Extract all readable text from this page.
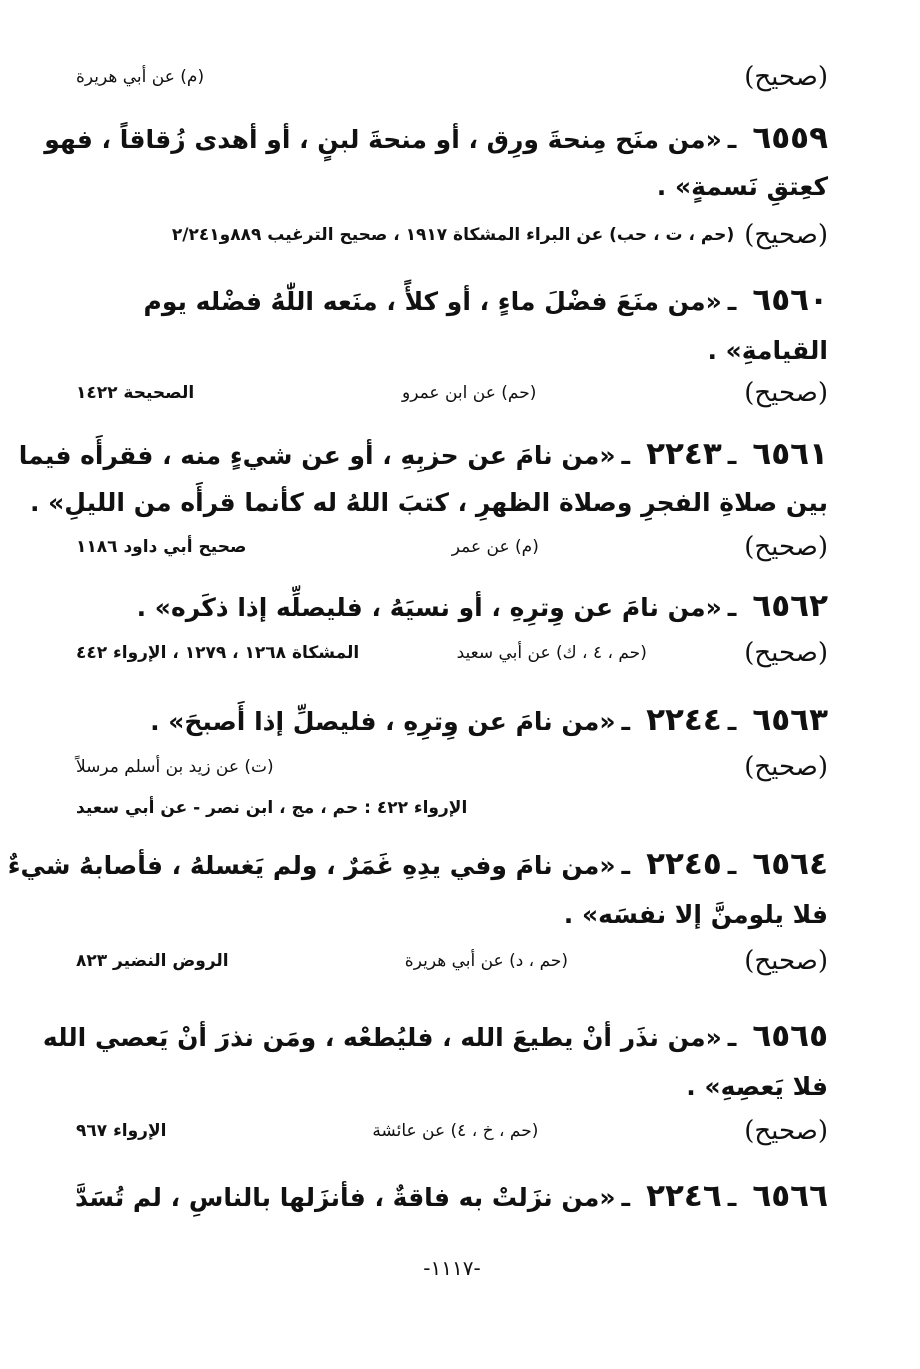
(صحيح)
(م) عن أبي هريرة
٦٥٥٩ـ«من منَح مِنحةَ ورِق ، أو منحةَ لبنٍ ، أو أهدى زُقاقاً ، فهو
كعِتقِ نَسمةٍ» .
(صحيح)
(حم ، ت ، حب) عن البراء المشكاة ١٩١٧ ، صحيح الترغيب ٨٨٩و٢/٢٤١
٦٥٦٠ـ«من منَعَ فضْلَ ماءٍ ، أو كلأً ، منَعه اللّٰهُ فضْله يوم
القيامةِ» .
(صحيح)
(حم) عن ابن عمرو
الصحيحة ١٤٢٢
٦٥٦١ـ٢٢٤٣ـ«من نامَ عن حزبِهِ ، أو عن شيءٍ منه ، فقرأَه فيما
بين صلاةِ الفجرِ وصلاة الظهرِ ، كتبَ اللهُ له كأنما قرأَه من الليلِ» .
(صحيح)
(م) عن عمر
صحيح أبي داود ١١٨٦
٦٥٦٢ـ«من نامَ عن وِترِهِ ، أو نسيَهُ ، فليصلِّه إذا ذكَره» .
(صحيح)
(حم ، ٤ ، ك) عن أبي سعيد
المشكاة ١٢٦٨ ، ١٢٧٩ ، الإرواء ٤٤٢
٦٥٦٣ـ٢٢٤٤ـ«من نامَ عن وِترِهِ ، فليصلِّ إذا أَصبحَ» .
(صحيح)
(ت) عن زيد بن أسلم مرسلاً
الإرواء ٤٢٢ : حم ، مج ، ابن نصر - عن أبي سعيد
٦٥٦٤ـ٢٢٤٥ـ«من نامَ وفي يدِهِ غَمَرٌ ، ولم يَغسلهُ ، فأصابهُ شيءٌ
فلا يلومنَّ إلا نفسَه» .
(صحيح)
(حم ، د) عن أبي هريرة
الروض النضير ٨٢٣
٦٥٦٥ـ«من نذَر أنْ يطيعَ الله ، فليُطعْه ، ومَن نذرَ أنْ يَعصي الله
فلا يَعصِهِ» .
(صحيح)
(حم ، خ ، ٤) عن عائشة
الإرواء ٩٦٧
٦٥٦٦ـ٢٢٤٦ـ«من نزَلتْ به فاقةٌ ، فأنزَلها بالناسِ ، لم تُسَدَّ
-١١١٧-
